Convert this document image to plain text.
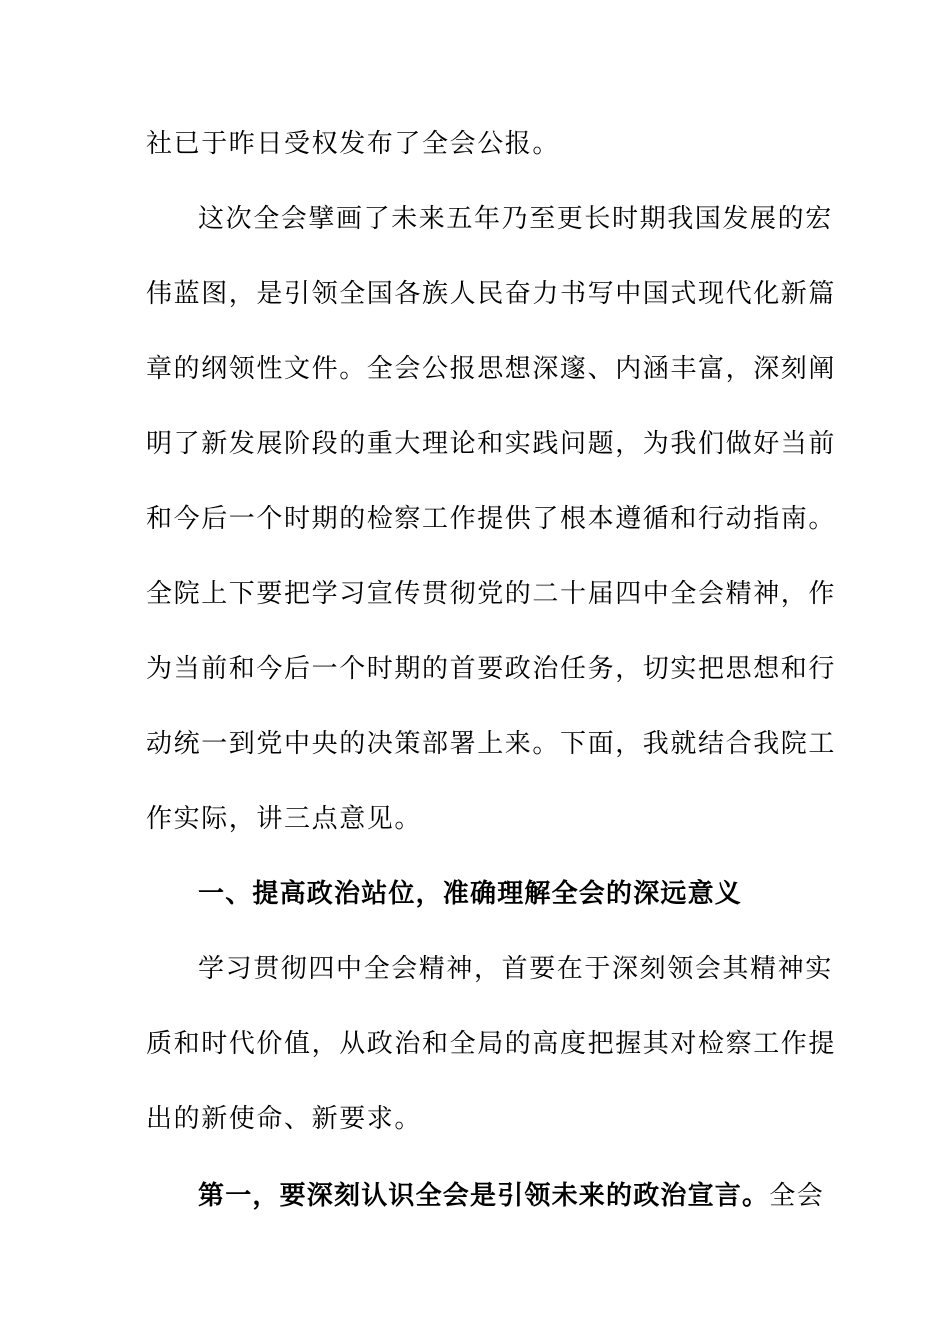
社已于昨日受权发布了全会公报。
这次全会擘画了未来五年乃至更长时期我国发展的宏
伟蓝图，是引领全国各族人民奋力书写中国式现代化新篇
章的纲领性文件。全会公报思想深邃、内涵丰富，深刻阐
明了新发展阶段的重大理论和实践问题，为我们做好当前
和今后一个时期的检察工作提供了根本遵循和行动指南。
全院上下要把学习宣传贯彻党的二十届四中全会精神，作
为当前和今后一个时期的首要政治任务，切实把思想和行
动统一到党中央的决策部署上来。下面，我就结合我院工
作实际，讲三点意见。
一、提高政治站位，准确理解全会的深远意义
学习贯彻四中全会精神，首要在于深刻领会其精神实
质和时代价值，从政治和全局的高度把握其对检察工作提
出的新使命、新要求。
第一，要深刻认识全会是引领未来的政治宣言。全会
